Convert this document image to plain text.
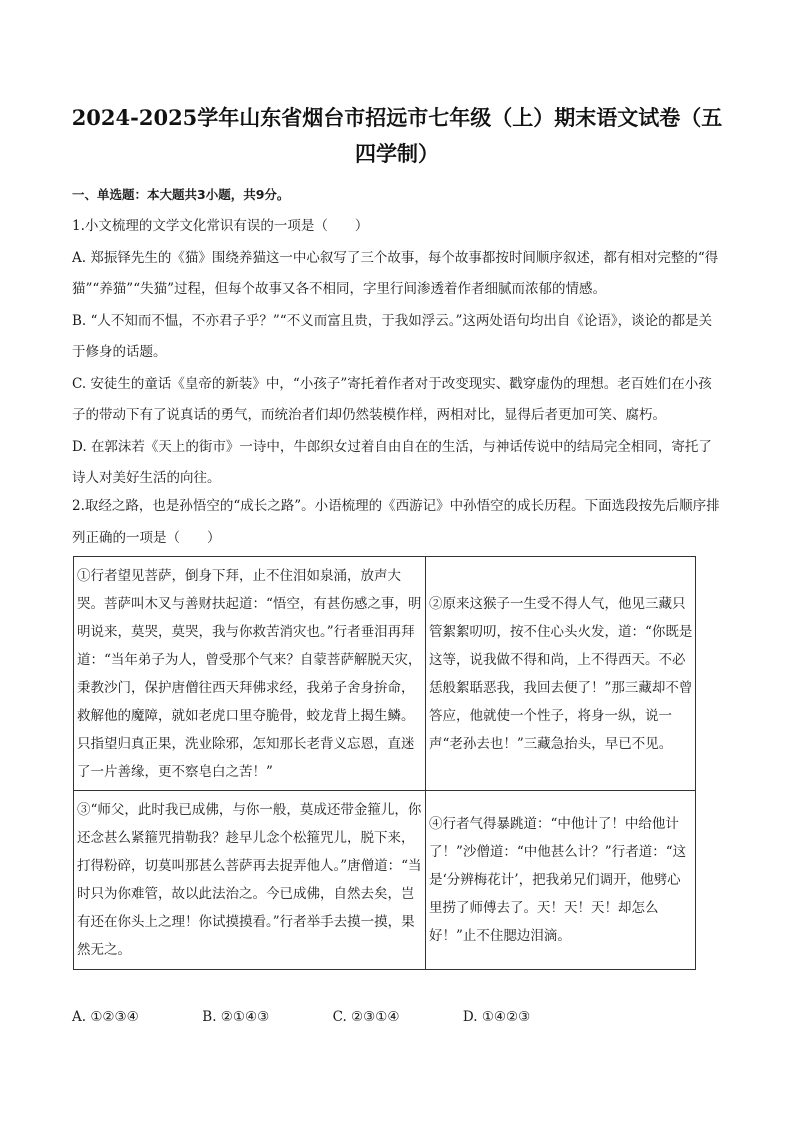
2024-2025学年山东省烟台市招远市七年级（上）期末语文试卷（五
四学制）
一、单选题：本大题共3小题，共9分。
1.小文梳理的文学文化常识有误的一项是（　　）
A. 郑振铎先生的《猫》围绕养猫这一中心叙写了三个故事，每个故事都按时间顺序叙述，都有相对完整的“得猫”“养猫”“失猫”过程，但每个故事又各不相同，字里行间渗透着作者细腻而浓郁的情感。
B. “人不知而不愠，不亦君子乎？”“不义而富且贵，于我如浮云。”这两处语句均出自《论语》，谈论的都是关于修身的话题。
C. 安徒生的童话《皇帝的新装》中，“小孩子”寄托着作者对于改变现实、戳穿虚伪的理想。老百姓们在小孩子的带动下有了说真话的勇气，而统治者们却仍然装模作样，两相对比，显得后者更加可笑、腐朽。
D. 在郭沫若《天上的街市》一诗中，牛郎织女过着自由自在的生活，与神话传说中的结局完全相同，寄托了诗人对美好生活的向往。
2.取经之路，也是孙悟空的“成长之路”。小语梳理的《西游记》中孙悟空的成长历程。下面选段按先后顺序排列正确的一项是（　　）
①行者望见菩萨，倒身下拜，止不住泪如泉涌，放声大哭。菩萨叫木叉与善财扶起道：“悟空，有甚伤感之事，明明说来，莫哭，莫哭，我与你救苦消灾也。”行者垂泪再拜道：“当年弟子为人，曾受那个气来？自蒙菩萨解脱天灾，秉教沙门，保护唐僧往西天拜佛求经，我弟子舍身拚命，救解他的魔障，就如老虎口里夺脆骨，蛟龙背上揭生鳞。只指望归真正果，洗业除邪，怎知那长老背义忘恩，直迷了一片善缘，更不察皂白之苦！”	②原来这猴子一生受不得人气，他见三藏只管絮絮叨叨，按不住心头火发，道：“你既是这等，说我做不得和尚，上不得西天。不必恁般絮聒恶我，我回去便了！”那三藏却不曾答应，他就使一个性子，将身一纵，说一声“老孙去也！”三藏急抬头，早已不见。
③“师父，此时我已成佛，与你一般，莫成还带金箍儿，你还念甚么紧箍咒掯勒我？趁早儿念个松箍咒儿，脱下来，打得粉碎，切莫叫那甚么菩萨再去捉弄他人。”唐僧道：“当时只为你难管，故以此法治之。今已成佛，自然去矣，岂有还在你头上之理！你试摸摸看。”行者举手去摸一摸，果然无之。	④行者气得暴跳道：“中他计了！中给他计了！”沙僧道：“中他甚么计？”行者道：“这是‘分辨梅花计’，把我弟兄们调开，他劈心里捞了师傅去了。天！天！天！却怎么好！”止不住腮边泪滴。
A. ①②③④	B. ②①④③	C. ②③①④	D. ①④②③
